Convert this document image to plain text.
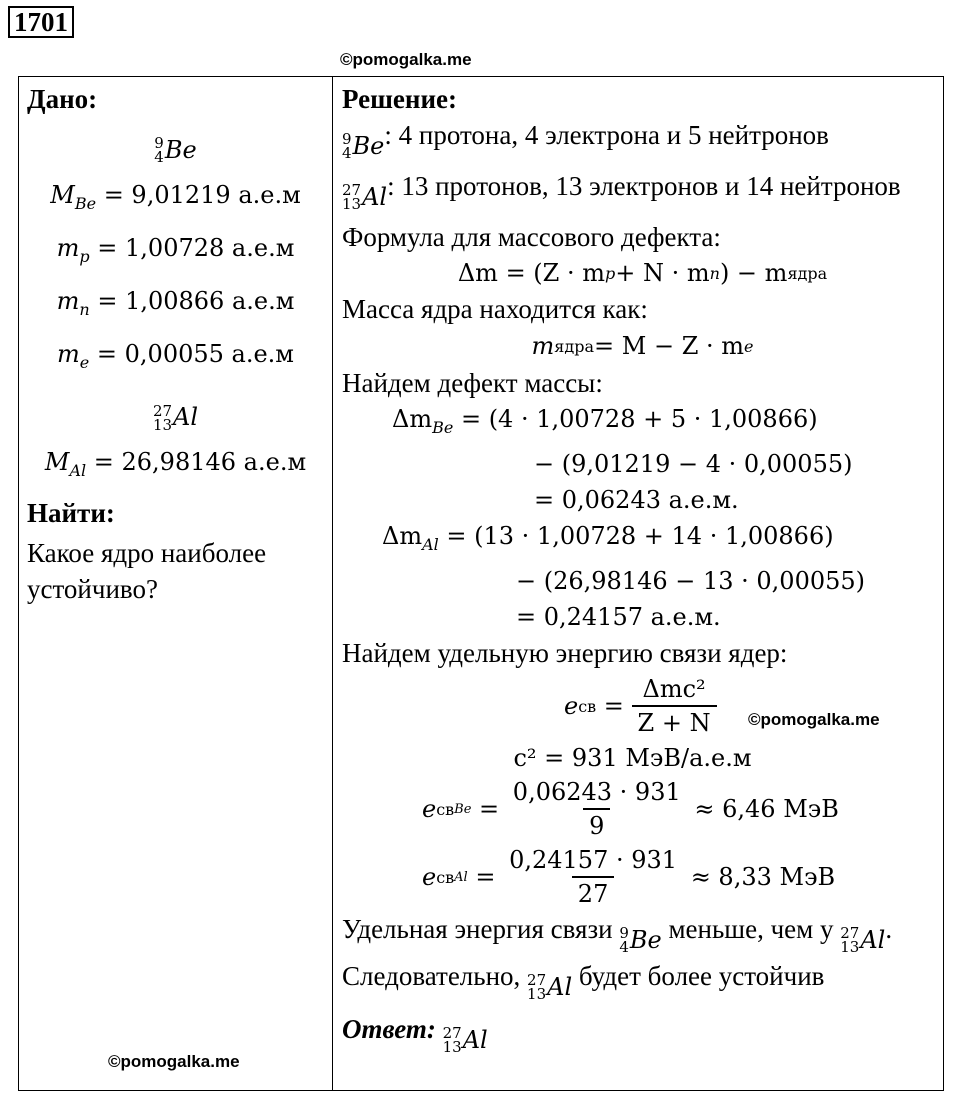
1701
©pomogalka.me
©pomogalka.me
©pomogalka.me
Дано:
9
4 Be
$M_{Be} = 9,01219$ а.е.м
$m_p = 1,00728$ а.е.м
$m_n = 1,00866$ а.е.м
$m_e = 0,00055$ а.е.м
27
13 Al
$M_{Al} = 26,98146$ а.е.м
Найти:
Какое ядро наиболее устойчиво?

Решение:
9
4 Be : 4 протона, 4 электрона и 5 нейтронов
27
13 Al : 13 протонов, 13 электронов и 14 нейтронов
Формула для массового дефекта:
Δm
= (Z · m p + N · m n ) − m ядра
Масса ядра находится как:
m ядра = M − Z · m e
Найдем дефект массы:
$\Delta m_{Be} = (4 \cdot 1,00728 + 5 \cdot 1,00866)$
− (9,01219 − 4 · 0,00055)
= 0,06243 а.е.м.
$\Delta m_{Al} = (13 \cdot 1,00728 + 14 \cdot 1,00866)$
− (26,98146 − 13 · 0,00055)
= 0,24157 а.е.м.
Найдем удельную энергию связи ядер:
e св = $\frac{\text{Δmc²}}{Z + N}$
c² = 931 МэВ/а.е.м
e св $Be = \frac{0,06243 \cdot 931}{9}$
≈ 6,46 МэВ
e св $Al = \frac{0,24157 \cdot 931}{27}$
≈ 8,33 МэВ
Удельная энергия связи 9
4 Be меньше, чем у 27
13 Al . Следовательно, 27
13 Al будет более устойчив
Ответ: 27
13 Al
